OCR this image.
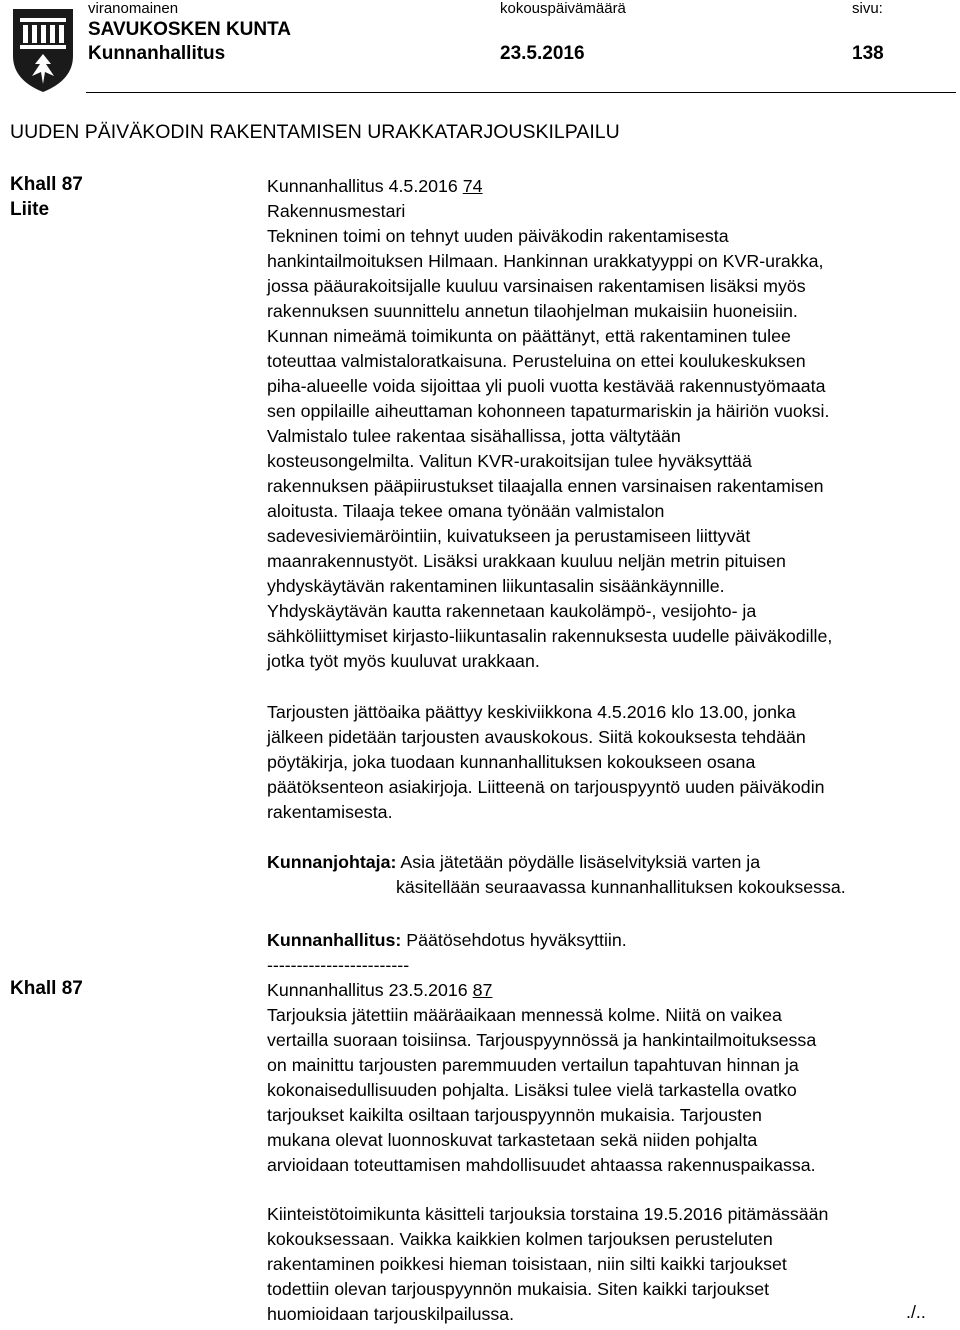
viranomainen	kokouspäivämäärä	sivu:
SAVUKOSKEN KUNTA
Kunnanhallitus	23.5.2016	138
UUDEN PÄIVÄKODIN RAKENTAMISEN URAKKATARJOUSKILPAILU
Khall 87
Liite
Kunnanhallitus 4.5.2016 74
Rakennusmestari
Tekninen toimi on tehnyt uuden päiväkodin rakentamisesta
hankintailmoituksen Hilmaan. Hankinnan urakkatyyppi on KVR-urakka,
jossa pääurakoitsijalle kuuluu varsinaisen rakentamisen lisäksi myös
rakennuksen suunnittelu annetun tilaohjelman mukaisiin huoneisiin.
Kunnan nimeämä toimikunta on päättänyt, että rakentaminen tulee
toteuttaa valmistaloratkaisuna. Perusteluina on ettei koulukeskuksen
piha-alueelle voida sijoittaa yli puoli vuotta kestävää rakennustyömaata
sen oppilaille aiheuttaman kohonneen tapaturmariskin ja häiriön vuoksi.
Valmistalo tulee rakentaa sisähallissa, jotta vältytään
kosteusongelmilta. Valitun KVR-urakoitsijan tulee hyväksyttää
rakennuksen pääpiirustukset tilaajalla ennen varsinaisen rakentamisen
aloitusta. Tilaaja tekee omana työnään valmistalon
sadevesiviemäröintiin, kuivatukseen ja perustamiseen liittyvät
maanrakennustyöt. Lisäksi urakkaan kuuluu neljän metrin pituisen
yhdyskäytävän rakentaminen liikuntasalin sisäänkäynnille.
Yhdyskäytävän kautta rakennetaan kaukolämpö-, vesijohto- ja
sähköliittymiset kirjasto-liikuntasalin rakennuksesta uudelle päiväkodille,
jotka työt myös kuuluvat urakkaan.
Tarjousten jättöaika päättyy keskiviikkona 4.5.2016 klo 13.00, jonka
jälkeen pidetään tarjousten avauskokous. Siitä kokouksesta tehdään
pöytäkirja, joka tuodaan kunnanhallituksen kokoukseen osana
päätöksenteon asiakirjoja. Liitteenä on tarjouspyyntö uuden päiväkodin
rakentamisesta.
Kunnanjohtaja: Asia jätetään pöydälle lisäselvityksiä varten ja
käsitellään seuraavassa kunnanhallituksen kokouksessa.
Kunnanhallitus: Päätösehdotus hyväksyttiin.
------------------------
Khall 87	Kunnanhallitus 23.5.2016 87
Tarjouksia jätettiin määräaikaan mennessä kolme. Niitä on vaikea
vertailla suoraan toisiinsa. Tarjouspyynnössä ja hankintailmoituksessa
on mainittu tarjousten paremmuuden vertailun tapahtuvan hinnan ja
kokonaisedullisuuden pohjalta. Lisäksi tulee vielä tarkastella ovatko
tarjoukset kaikilta osiltaan tarjouspyynnön mukaisia. Tarjousten
mukana olevat luonnoskuvat tarkastetaan sekä niiden pohjalta
arvioidaan toteuttamisen mahdollisuudet ahtaassa rakennuspaikassa.
Kiinteistötoimikunta käsitteli tarjouksia torstaina 19.5.2016 pitämässään
kokouksessaan. Vaikka kaikkien kolmen tarjouksen perusteluten
rakentaminen poikkesi hieman toisistaan, niin silti kaikki tarjoukset
todettiin olevan tarjouspyynnön mukaisia. Siten kaikki tarjoukset
huomioidaan tarjouskilpailussa.	./..
